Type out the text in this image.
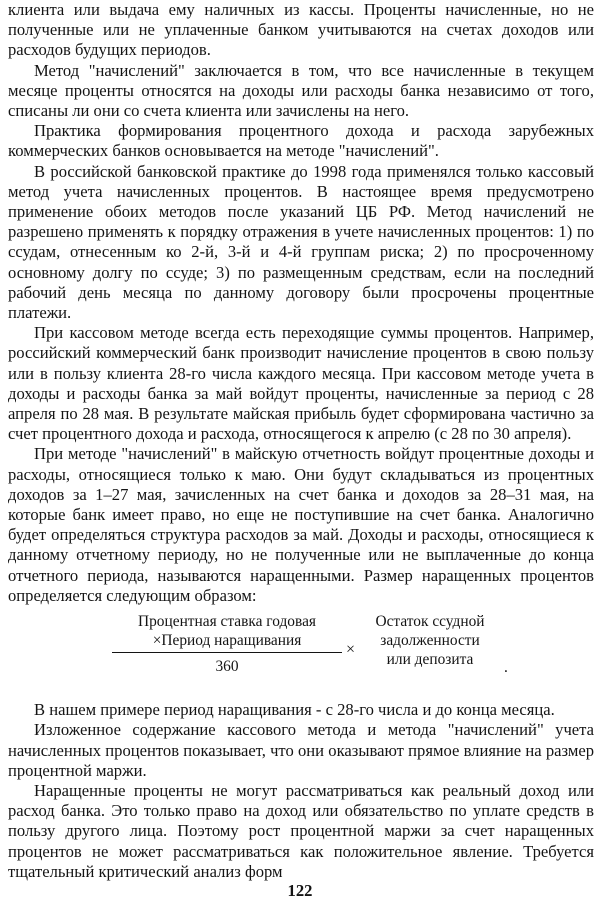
клиента или выдача ему наличных из кассы. Проценты начисленные, но не полученные или не уплаченные банком учитываются на счетах доходов или расходов будущих периодов.

Метод "начислений" заключается в том, что все начисленные в текущем месяце проценты относятся на доходы или расходы банка независимо от того, списаны ли они со счета клиента или зачислены на него.

Практика формирования процентного дохода и расхода зарубежных коммерческих банков основывается на методе "начислений".

В российской банковской практике до 1998 года применялся только кассовый метод учета начисленных процентов. В настоящее время предусмотрено применение обоих методов после указаний ЦБ РФ. Метод начислений не разрешено применять к порядку отражения в учете начисленных процентов: 1) по ссудам, отнесенным ко 2-й, 3-й и 4-й группам риска; 2) по просроченному основному долгу по ссуде; 3) по размещенным средствам, если на последний рабочий день месяца по данному договору были просрочены процентные платежи.

При кассовом методе всегда есть переходящие суммы процентов. Например, российский коммерческий банк производит начисление процентов в свою пользу или в пользу клиента 28-го числа каждого месяца. При кассовом методе учета в доходы и расходы банка за май войдут проценты, начисленные за период с 28 апреля по 28 мая. В результате майская прибыль будет сформирована частично за счет процентного дохода и расхода, относящегося к апрелю (с 28 по 30 апреля).

При методе "начислений" в майскую отчетность войдут процентные доходы и расходы, относящиеся только к маю. Они будут складываться из процентных доходов за 1–27 мая, зачисленных на счет банка и доходов за 28–31 мая, на которые банк имеет право, но еще не поступившие на счет банка. Аналогично будет определяться структура расходов за май. Доходы и расходы, относящиеся к данному отчетному периоду, но не полученные или не выплаченные до конца отчетного периода, называются наращенными. Размер наращенных процентов определяется следующим образом:

Процентная ставка годовая
×Период наращивания
360
×
Остаток ссудной
задолженности
или депозита	.

В нашем примере период наращивания - с 28-го числа и до конца месяца.

Изложенное содержание кассового метода и метода "начислений" учета начисленных процентов показывает, что они оказывают прямое влияние на размер процентной маржи.

Наращенные проценты не могут рассматриваться как реальный доход или расход банка. Это только право на доход или обязательство по уплате средств в пользу другого лица. Поэтому рост процентной маржи за счет наращенных процентов не может рассматриваться как положительное явление. Требуется тщательный критический анализ форм

122
